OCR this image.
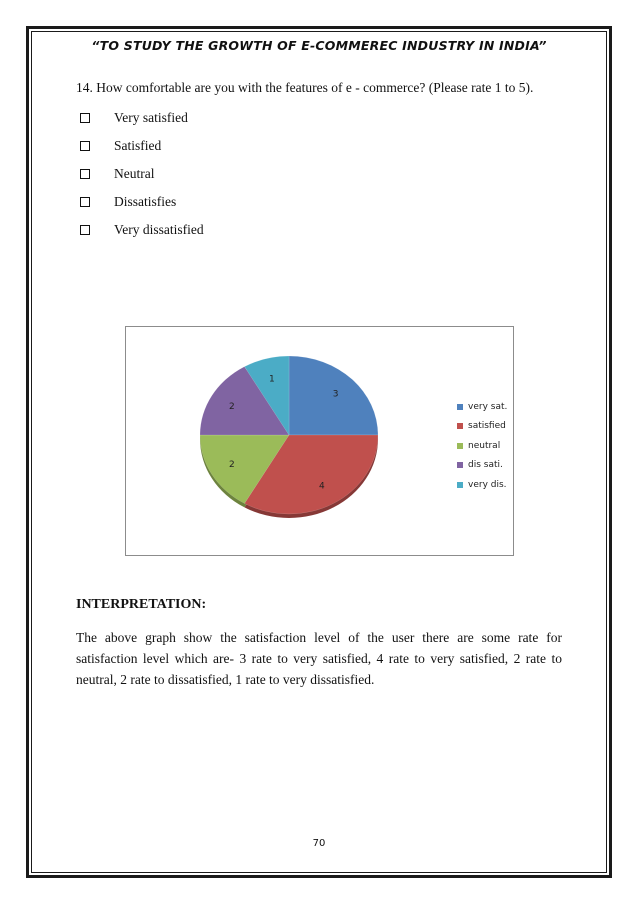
“TO STUDY THE GROWTH OF E-COMMEREC INDUSTRY IN INDIA”
14. How comfortable are you with the features of e - commerce? (Please rate 1 to 5).
Very satisfied
Satisfied
Neutral
Dissatisfies
Very dissatisfied
3
4
2
2
1
very sat.
satisfied
neutral
dis sati.
very dis.
INTERPRETATION:
The above graph show the satisfaction level of the user there are some rate for satisfaction level which are- 3 rate to very satisfied, 4 rate to very satisfied, 2 rate to neutral, 2 rate to dissatisfied, 1 rate to very dissatisfied.
70
